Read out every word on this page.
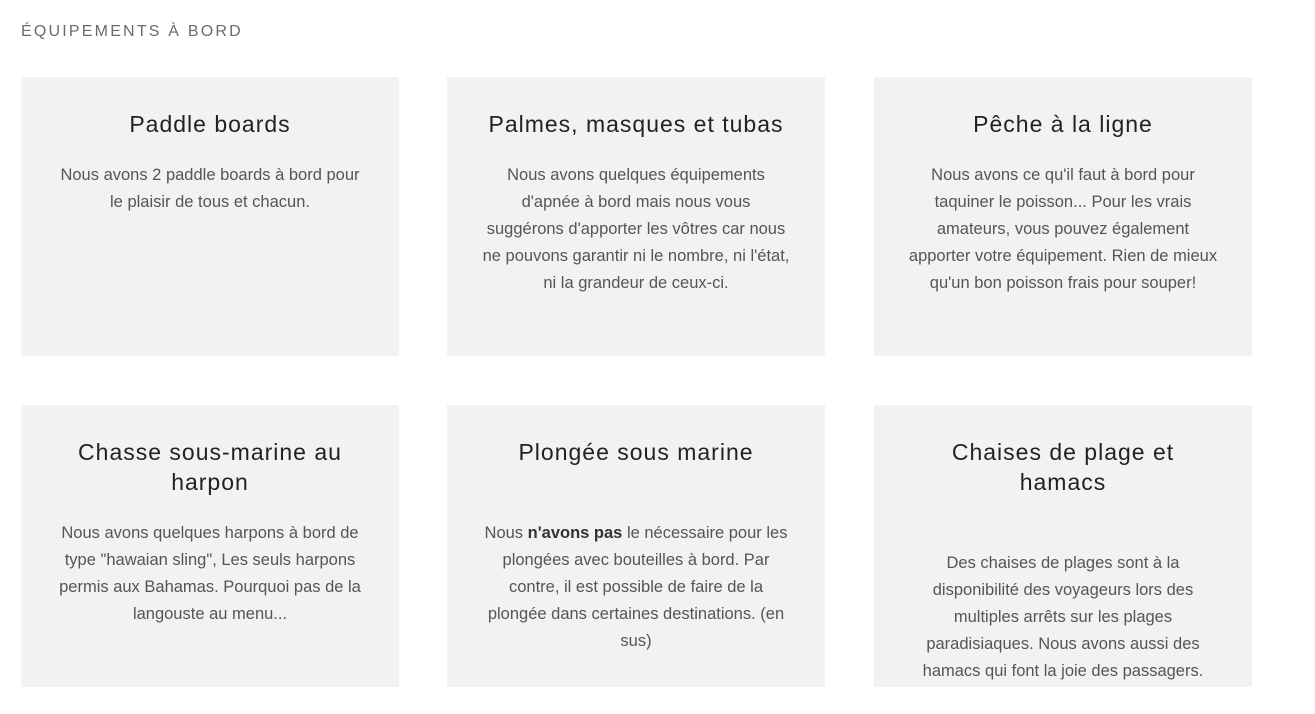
ÉQUIPEMENTS À BORD
Paddle boards

Nous avons 2 paddle boards à bord pour le plaisir de tous et chacun.

Palmes, masques et tubas

Nous avons quelques équipements d'apnée à bord mais nous vous suggérons d'apporter les vôtres car nous ne pouvons garantir ni le nombre, ni l'état, ni la grandeur de ceux-ci.

Pêche à la ligne

Nous avons ce qu'il faut à bord pour taquiner le poisson... Pour les vrais amateurs, vous pouvez également apporter votre équipement. Rien de mieux qu'un bon poisson frais pour souper!

Chasse sous-marine au harpon

Nous avons quelques harpons à bord de type "hawaian sling", Les seuls harpons permis aux Bahamas. Pourquoi pas de la langouste au menu...

Plongée sous marine

Nous n'avons pas le nécessaire pour les plongées avec bouteilles à bord. Par contre, il est possible de faire de la plongée dans certaines destinations. (en sus)

Chaises de plage et hamacs

Des chaises de plages sont à la disponibilité des voyageurs lors des multiples arrêts sur les plages paradisiaques. Nous avons aussi des hamacs qui font la joie des passagers.
